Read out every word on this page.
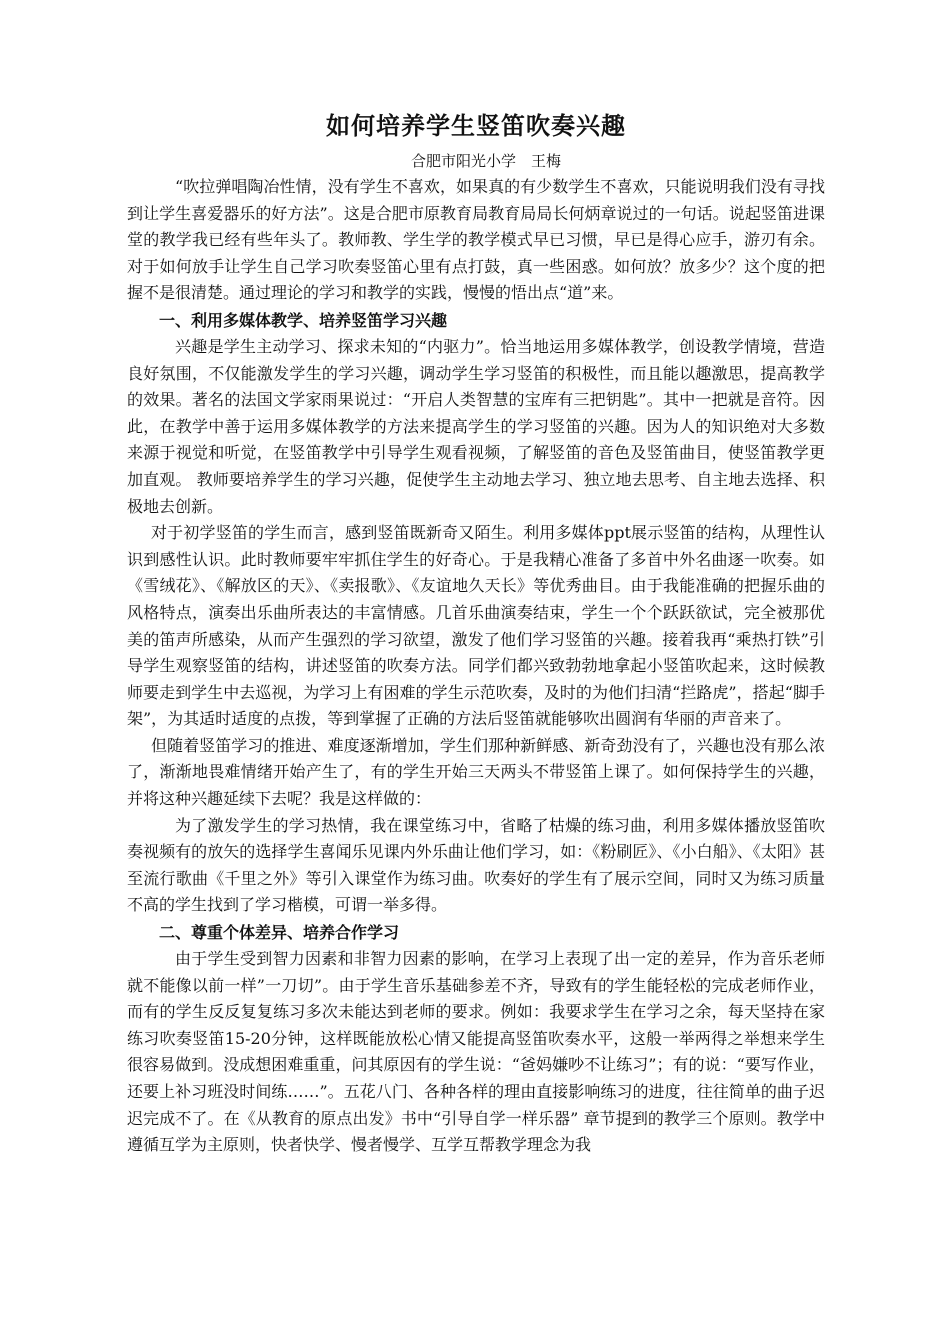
如何培养学生竖笛吹奏兴趣

合肥市阳光小学　王梅

“吹拉弹唱陶冶性情，没有学生不喜欢，如果真的有少数学生不喜欢，只能说明我们没有寻找到让学生喜爱器乐的好方法”。这是合肥市原教育局教育局局长何炳章说过的一句话。说起竖笛进课堂的教学我已经有些年头了。教师教、学生学的教学模式早已习惯，早已是得心应手，游刃有余。对于如何放手让学生自己学习吹奏竖笛心里有点打鼓，真一些困惑。如何放？放多少？这个度的把握不是很清楚。通过理论的学习和教学的实践，慢慢的悟出点“道”来。

一、利用多媒体教学、培养竖笛学习兴趣

兴趣是学生主动学习、探求未知的“内驱力”。恰当地运用多媒体教学，创设教学情境，营造良好氛围，不仅能激发学生的学习兴趣，调动学生学习竖笛的积极性，而且能以趣激思，提高教学的效果。著名的法国文学家雨果说过：“开启人类智慧的宝库有三把钥匙”。其中一把就是音符。因此，在教学中善于运用多媒体教学的方法来提高学生的学习竖笛的兴趣。因为人的知识绝对大多数来源于视觉和听觉，在竖笛教学中引导学生观看视频，了解竖笛的音色及竖笛曲目，使竖笛教学更加直观。 教师要培养学生的学习兴趣，促使学生主动地去学习、独立地去思考、自主地去选择、积极地去创新。

对于初学竖笛的学生而言，感到竖笛既新奇又陌生。利用多媒体ppt展示竖笛的结构，从理性认识到感性认识。此时教师要牢牢抓住学生的好奇心。于是我精心准备了多首中外名曲逐一吹奏。如《雪绒花》、《解放区的天》、《卖报歌》、《友谊地久天长》等优秀曲目。由于我能准确的把握乐曲的风格特点，演奏出乐曲所表达的丰富情感。几首乐曲演奏结束，学生一个个跃跃欲试，完全被那优美的笛声所感染，从而产生强烈的学习欲望，激发了他们学习竖笛的兴趣。接着我再“乘热打铁”引导学生观察竖笛的结构，讲述竖笛的吹奏方法。同学们都兴致勃勃地拿起小竖笛吹起来，这时候教师要走到学生中去巡视，为学习上有困难的学生示范吹奏，及时的为他们扫清“拦路虎”，搭起“脚手架”，为其适时适度的点拨，等到掌握了正确的方法后竖笛就能够吹出圆润有华丽的声音来了。

但随着竖笛学习的推进、难度逐渐增加，学生们那种新鲜感、新奇劲没有了，兴趣也没有那么浓了，渐渐地畏难情绪开始产生了，有的学生开始三天两头不带竖笛上课了。如何保持学生的兴趣，并将这种兴趣延续下去呢？我是这样做的：

为了激发学生的学习热情，我在课堂练习中，省略了枯燥的练习曲，利用多媒体播放竖笛吹奏视频有的放矢的选择学生喜闻乐见课内外乐曲让他们学习，如：《粉刷匠》、《小白船》、《太阳》甚至流行歌曲《千里之外》等引入课堂作为练习曲。吹奏好的学生有了展示空间，同时又为练习质量不高的学生找到了学习楷模，可谓一举多得。

二、尊重个体差异、培养合作学习

由于学生受到智力因素和非智力因素的影响，在学习上表现了出一定的差异，作为音乐老师就不能像以前一样”一刀切”。由于学生音乐基础参差不齐，导致有的学生能轻松的完成老师作业，而有的学生反反复复练习多次未能达到老师的要求。例如：我要求学生在学习之余，每天坚持在家练习吹奏竖笛15-20分钟，这样既能放松心情又能提高竖笛吹奏水平，这般一举两得之举想来学生很容易做到。没成想困难重重，问其原因有的学生说：“爸妈嫌吵不让练习”；有的说：“要写作业，还要上补习班没时间练……”。五花八门、各种各样的理由直接影响练习的进度，往往简单的曲子迟迟完成不了。在《从教育的原点出发》书中“引导自学一样乐器” 章节提到的教学三个原则。教学中遵循互学为主原则，快者快学、慢者慢学、互学互帮教学理念为我
